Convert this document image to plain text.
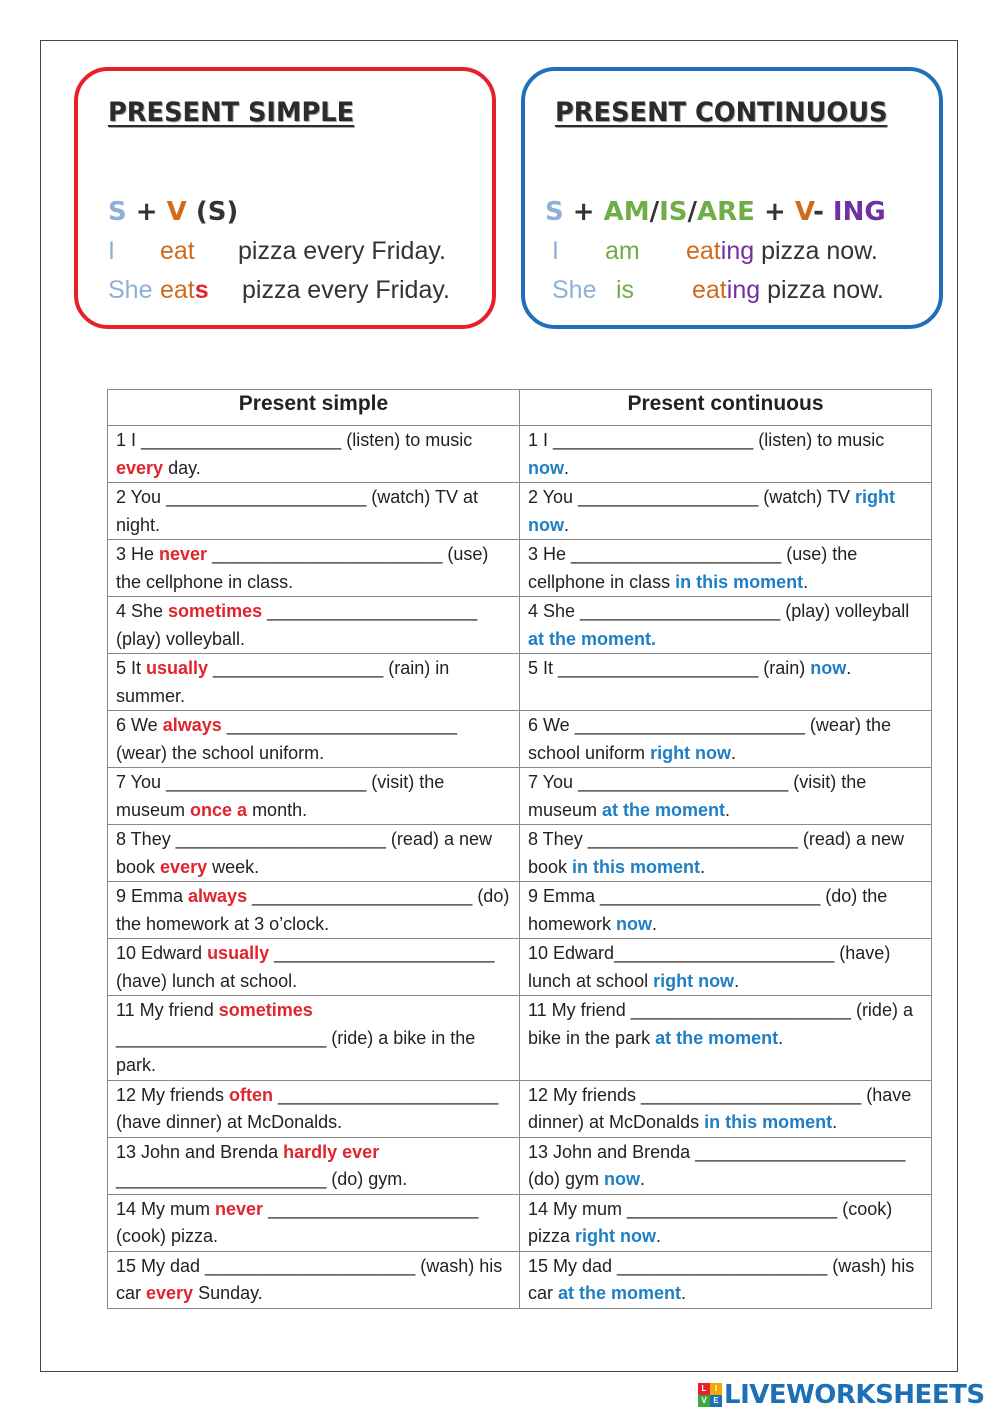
PRESENT SIMPLE
S + V (S)
I eat pizza every Friday.
She eats pizza every Friday.
PRESENT CONTINUOUS
S + AM/IS/ARE + V- ING
I am eating pizza now.
She is eating pizza now.
Present simple	Present continuous
1 I ____________________ (listen) to music every day.	1 I ____________________ (listen) to music now.
2 You ____________________ (watch) TV at night.	2 You __________________ (watch) TV right now.
3 He never _______________________ (use) the cellphone in class.	3 He _____________________ (use) the cellphone in class in this moment.
4 She sometimes _____________________ (play) volleyball.	4 She ____________________ (play) volleyball at the moment.
5 It usually _________________ (rain) in summer.	5 It ____________________ (rain) now.
6 We always _______________________ (wear) the school uniform.	6 We _______________________ (wear) the school uniform right now.
7 You ____________________ (visit) the museum once a month.	7 You _____________________ (visit) the museum at the moment.
8 They _____________________ (read) a new book every week.	8 They _____________________ (read) a new book in this moment.
9 Emma always ______________________ (do) the homework at 3 o’clock.	9 Emma ______________________ (do) the homework now.
10 Edward usually ______________________ (have) lunch at school.	10 Edward______________________ (have) lunch at school right now.
11 My friend sometimes _____________________ (ride) a bike in the park.	11 My friend ______________________ (ride) a bike in the park at the moment.
12 My friends often ______________________ (have dinner) at McDonalds.	12 My friends ______________________ (have dinner) at McDonalds in this moment.
13 John and Brenda hardly ever _____________________ (do) gym.	13 John and Brenda _____________________ (do) gym now.
14 My mum never _____________________ (cook) pizza.	14 My mum _____________________ (cook) pizza right now.
15 My dad _____________________ (wash) his car every Sunday.	15 My dad _____________________ (wash) his car at the moment.
L	I
V E LIVEWORKSHEETS
